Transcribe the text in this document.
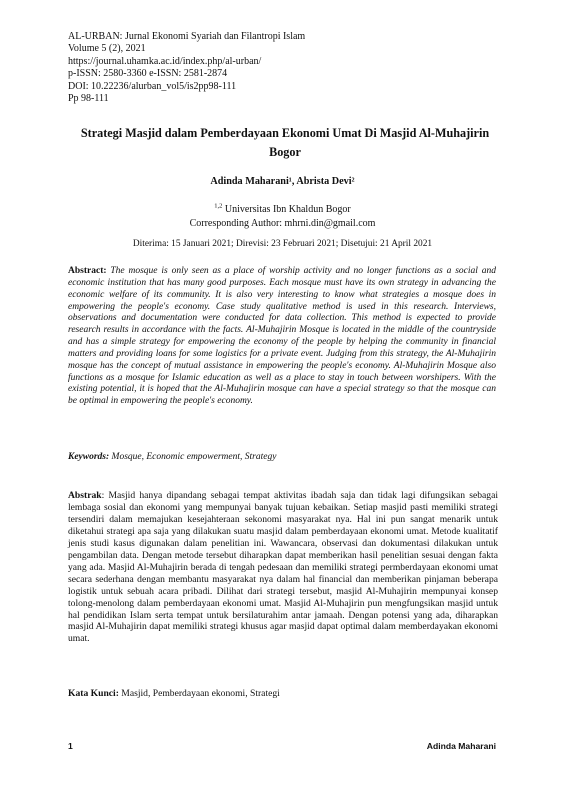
AL-URBAN: Jurnal Ekonomi Syariah dan Filantropi Islam
Volume 5 (2), 2021
https://journal.uhamka.ac.id/index.php/al-urban/
p-ISSN: 2580-3360 e-ISSN: 2581-2874
DOI: 10.22236/alurban_vol5/is2pp98-111
Pp 98-111
Strategi Masjid dalam Pemberdayaan Ekonomi Umat Di Masjid Al-Muhajirin Bogor
Adinda Maharani¹, Abrista Devi²
$^{1,2}$ Universitas Ibn Khaldun Bogor
Corresponding Author: mhrni.din@gmail.com
Diterima: 15 Januari 2021; Direvisi: 23 Februari 2021; Disetujui: 21 April 2021
Abstract: The mosque is only seen as a place of worship activity and no longer functions as a social and economic institution that has many good purposes. Each mosque must have its own strategy in advancing the economic welfare of its community. It is also very interesting to know what strategies a mosque does in empowering the people's economy. Case study qualitative method is used in this research. Interviews, observations and documentation were conducted for data collection. This method is expected to provide research results in accordance with the facts. Al-Muhajirin Mosque is located in the middle of the countryside and has a simple strategy for empowering the economy of the people by helping the community in financial matters and providing loans for some logistics for a private event. Judging from this strategy, the Al-Muhajirin mosque has the concept of mutual assistance in empowering the people's economy. Al-Muhajirin Mosque also functions as a mosque for Islamic education as well as a place to stay in touch between worshipers. With the existing potential, it is hoped that the Al-Muhajirin mosque can have a special strategy so that the mosque can be optimal in empowering the people's economy.
Keywords: Mosque, Economic empowerment, Strategy
Abstrak: Masjid hanya dipandang sebagai tempat aktivitas ibadah saja dan tidak lagi difungsikan sebagai lembaga sosial dan ekonomi yang mempunyai banyak tujuan kebaikan. Setiap masjid pasti memiliki strategi tersendiri dalam memajukan kesejahteraan sekonomi masyarakat nya. Hal ini pun sangat menarik untuk diketahui strategi apa saja yang dilakukan suatu masjid dalam pemberdayaan ekonomi umat. Metode kualitatif jenis studi kasus digunakan dalam penelitian ini. Wawancara, observasi dan dokumentasi dilakukan untuk pengambilan data. Dengan metode tersebut diharapkan dapat memberikan hasil penelitian sesuai dengan fakta yang ada. Masjid Al-Muhajirin berada di tengah pedesaan dan memiliki strategi permberdayaan ekonomi umat secara sederhana dengan membantu masyarakat nya dalam hal financial dan memberikan pinjaman beberapa logistik untuk sebuah acara pribadi. Dilihat dari strategi tersebut, masjid Al-Muhajirin mempunyai konsep tolong-menolong dalam pemberdayaan ekonomi umat. Masjid Al-Muhajirin pun mengfungsikan masjid untuk hal pendidikan Islam serta tempat untuk bersilaturahim antar jamaah. Dengan potensi yang ada, diharapkan masjid Al-Muhajirin dapat memiliki strategi khusus agar masjid dapat optimal dalam memberdayakan ekonomi umat.
Kata Kunci: Masjid, Pemberdayaan ekonomi, Strategi
1	Adinda Maharani
